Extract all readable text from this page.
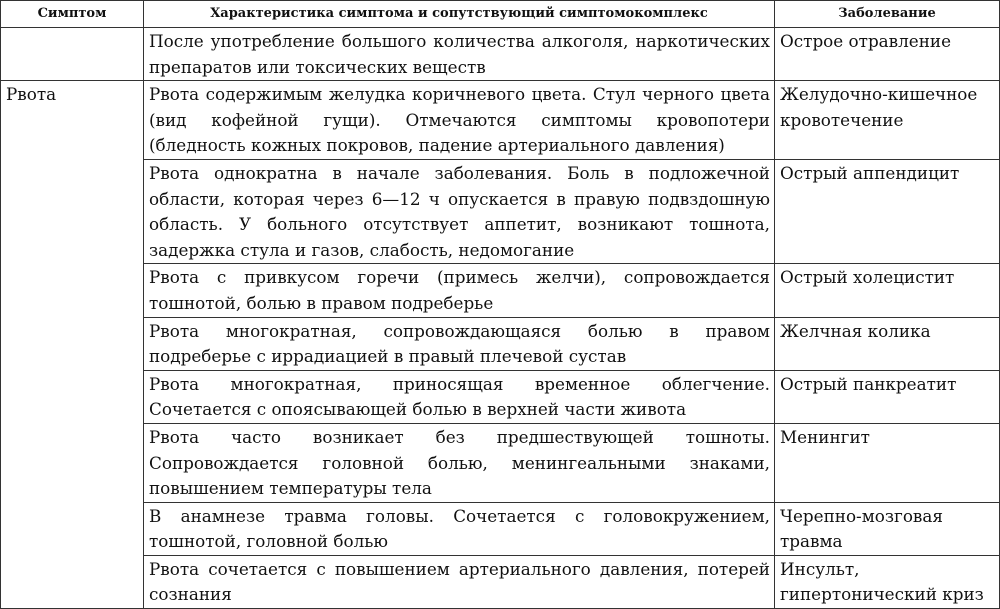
Симптом	Характеристика симптома и сопутствующий симптомокомплекс	Заболевание
	После употребление большого количества алкоголя, наркотических препаратов или токсических веществ	Острое отравление
Рвота	Рвота содержимым желудка коричневого цвета. Стул черного цвета (вид кофейной гущи). Отмечаются симптомы кровопотери (бледность кожных покровов, падение артериального давления)	Желудочно-кишечное кровотечение
	Рвота однократна в начале заболевания. Боль в подложечной области, которая через 6—12 ч опускается в правую подвздошную область. У больного отсутствует аппетит, возникают тошнота, задержка стула и газов, слабость, недомогание	Острый аппендицит
	Рвота с привкусом горечи (примесь желчи), сопровождается тошнотой, болью в правом подреберье	Острый холецистит
	Рвота многократная, сопровождающаяся болью в правом подреберье с иррадиацией в правый плечевой сустав	Желчная колика
	Рвота многократная, приносящая временное облегчение. Сочетается с опоясывающей болью в верхней части живота	Острый панкреатит
	Рвота часто возникает без предшествующей тошноты. Сопровождается головной болью, менингеальными знаками, повышением температуры тела	Менингит
	В анамнезе травма головы. Сочетается с головокружением, тошнотой, головной болью	Черепно-мозговая травма
	Рвота сочетается с повышением артериального давления, потерей сознания	Инсульт, гипертонический криз
